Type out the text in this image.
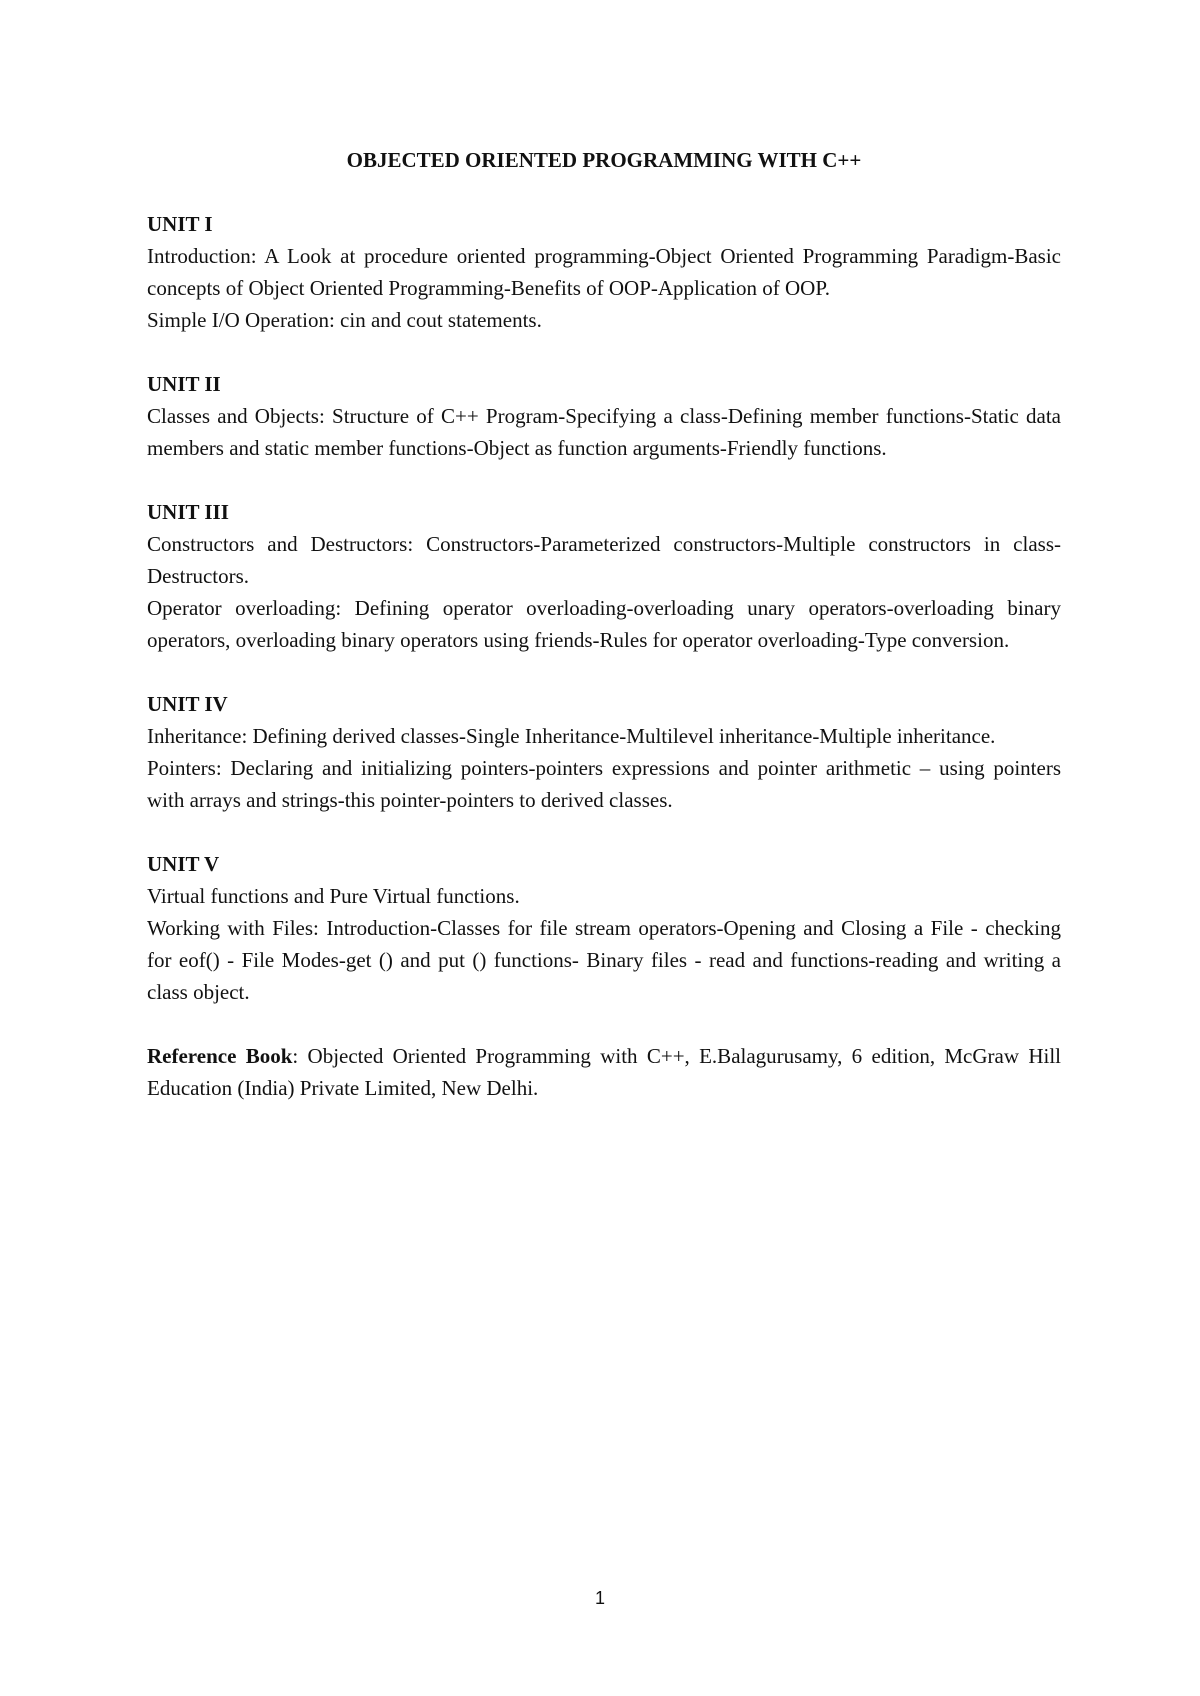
OBJECTED ORIENTED PROGRAMMING WITH C++
UNIT I

Introduction: A Look at procedure oriented programming-Object Oriented Programming Paradigm-Basic concepts of Object Oriented Programming-Benefits of OOP-Application of OOP.

Simple I/O Operation: cin and cout statements.

UNIT II

Classes and Objects: Structure of C++ Program-Specifying a class-Defining member functions-Static data members and static member functions-Object as function arguments-Friendly functions.

UNIT III

Constructors and Destructors: Constructors-Parameterized constructors-Multiple constructors in class-Destructors.

Operator overloading: Defining operator overloading-overloading unary operators-overloading binary operators, overloading binary operators using friends-Rules for operator overloading-Type conversion.

UNIT IV

Inheritance: Defining derived classes-Single Inheritance-Multilevel inheritance-Multiple inheritance.

Pointers: Declaring and initializing pointers-pointers expressions and pointer arithmetic – using pointers with arrays and strings-this pointer-pointers to derived classes.

UNIT V

Virtual functions and Pure Virtual functions.

Working with Files: Introduction-Classes for file stream operators-Opening and Closing a File - checking for eof() - File Modes-get () and put () functions- Binary files - read and functions-reading and writing a class object.

Reference Book: Objected Oriented Programming with C++, E.Balagurusamy, 6 edition, McGraw Hill Education (India) Private Limited, New Delhi.

1
